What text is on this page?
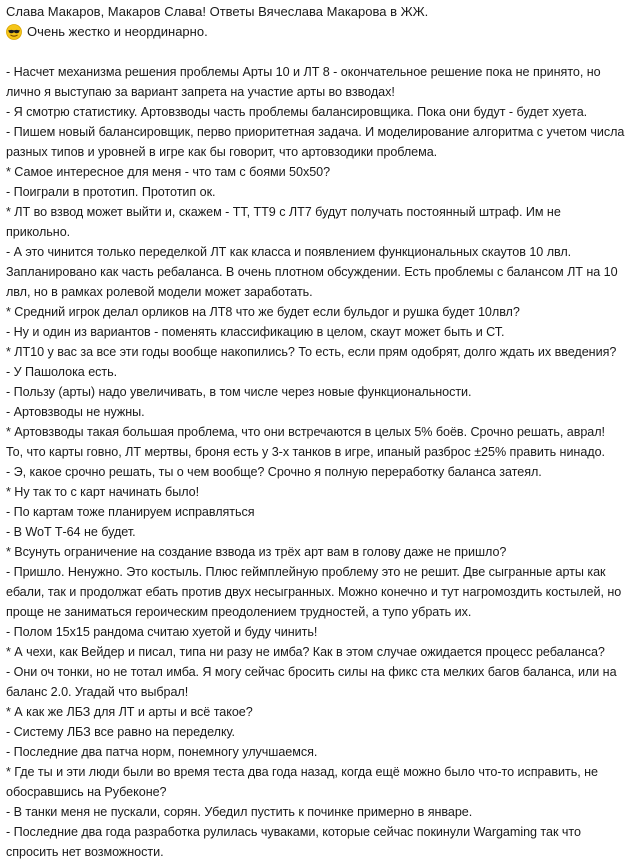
Слава Макаров, Макаров Слава! Ответы Вячеслава Макарова в ЖЖ.
Очень жестко и неординарно.
- Насчет механизма решения проблемы Арты 10 и ЛТ 8 - окончательное решение пока не принято, но
лично я выступаю за вариант запрета на участие арты во взводах!
- Я смотрю статистику. Артовзводы часть проблемы балансировщика. Пока они будут - будет хуета.
- Пишем новый балансировщик, перво приоритетная задача. И моделирование алгоритма с учетом числа
разных типов и уровней в игре как бы говорит, что артовзодики проблема.
* Самое интересное для меня - что там с боями 50x50?
- Поиграли в прототип. Прототип ок.
* ЛТ во взвод может выйти и, скажем - ТТ, ТТ9 с ЛТ7 будут получать постоянный штраф. Им не
прикольно.
- А это чинится только переделкой ЛТ как класса и появлением функциональных скаутов 10 лвл.
Запланировано как часть ребаланса. В очень плотном обсуждении. Есть проблемы с балансом ЛТ на 10
лвл, но в рамках ролевой модели может заработать.
* Средний игрок делал орликов на ЛТ8 что же будет если бульдог и рушка будет 10лвл?
- Ну и один из вариантов - поменять классификацию в целом, скаут может быть и СТ.
* ЛТ10 у вас за все эти годы вообще накопились? То есть, если прям одобрят, долго ждать их введения?
- У Пашолока есть.
- Пользу (арты) надо увеличивать, в том числе через новые функциональности.
- Артовзводы не нужны.
* Артовзводы такая большая проблема, что они встречаются в целых 5% боёв. Срочно решать, аврал!
То, что карты говно, ЛТ мертвы, броня есть у 3-х танков в игре, ипаный разброс ±25% править нинадо.
- Э, какое срочно решать, ты о чем вообще? Срочно я полную переработку баланса затеял.
* Ну так то с карт начинать было!
- По картам тоже планируем исправляться
- В WoT Т-64 не будет.
* Всунуть ограничение на создание взвода из трёх арт вам в голову даже не пришло?
- Пришло. Ненужно. Это костыль. Плюс геймплейную проблему это не решит. Две сыгранные арты как
ебали, так и продолжат ебать против двух несыгранных. Можно конечно и тут нагромоздить костылей, но
проще не заниматься героическим преодолением трудностей, а тупо убрать их.
- Полом 15x15 рандома считаю хуетой и буду чинить!
* А чехи, как Вейдер и писал, типа ни разу не имба? Как в этом случае ожидается процесс ребаланса?
- Они оч тонки, но не тотал имба. Я могу сейчас бросить силы на фикс ста мелких багов баланса, или на
баланс 2.0. Угадай что выбрал!
* А как же ЛБЗ для ЛТ и арты и всё такое?
- Систему ЛБЗ все равно на переделку.
- Последние два патча норм, понемногу улучшаемся.
* Где ты и эти люди были во время теста два года назад, когда ещё можно было что-то исправить, не
обосравшись на Рубеконе?
- В танки меня не пускали, сорян. Убедил пустить к починке примерно в январе.
- Последние два года разработка рулилась чуваками, которые сейчас покинули Wargaming так что
спросить нет возможности.
